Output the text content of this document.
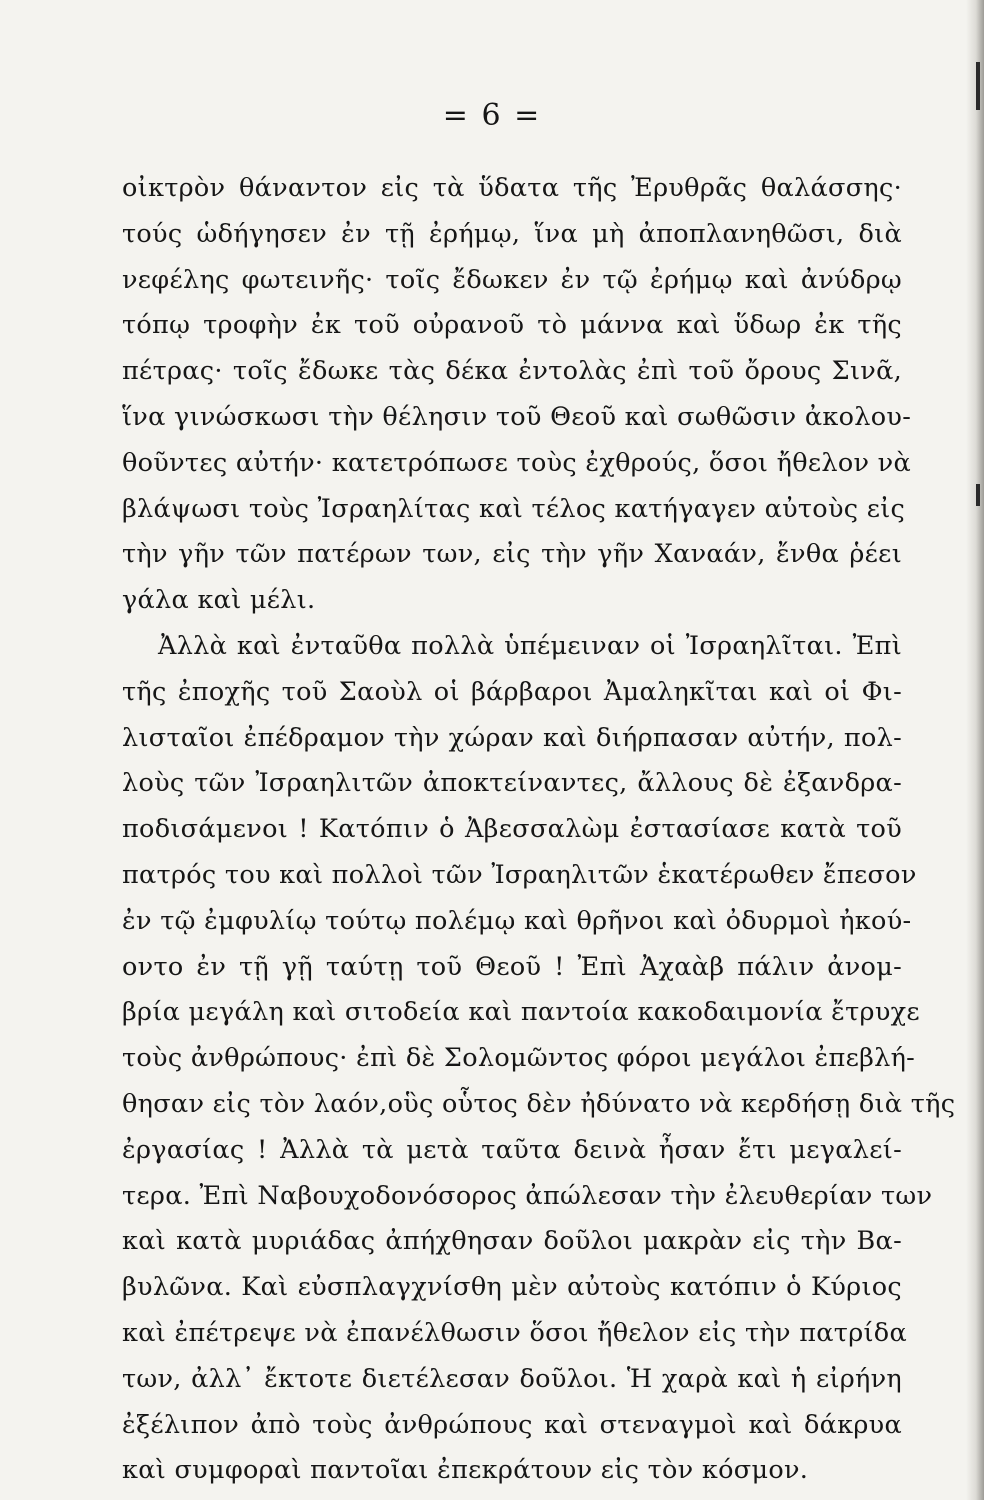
= 6 =
οἰκτρὸν θάναντον εἰς τὰ ὕδατα τῆς Ἐρυθρᾶς θαλάσσης·
τούς ὡδήγησεν ἐν τῇ ἐρήμῳ, ἵνα μὴ ἀποπλανηθῶσι, διὰ
νεφέλης φωτεινῆς· τοῖς ἔδωκεν ἐν τῷ ἐρήμῳ καὶ ἀνύδρῳ
τόπῳ τροφὴν ἐκ τοῦ οὐρανοῦ τὸ μάννα καὶ ὕδωρ ἐκ τῆς
πέτρας· τοῖς ἔδωκε τὰς δέκα ἐντολὰς ἐπὶ τοῦ ὄρους Σινᾶ,
ἵνα γινώσκωσι τὴν θέλησιν τοῦ Θεοῦ καὶ σωθῶσιν ἀκολου-
θοῦντες αὐτήν· κατετρόπωσε τοὺς ἐχθρούς, ὅσοι ἤθελον νὰ
βλάψωσι τοὺς Ἰσραηλίτας καὶ τέλος κατήγαγεν αὐτοὺς εἰς
τὴν γῆν τῶν πατέρων των, εἰς τὴν γῆν Χαναάν, ἔνθα ῥέει
γάλα καὶ μέλι.
Ἀλλὰ καὶ ἐνταῦθα πολλὰ ὑπέμειναν οἱ Ἰσραηλῖται. Ἐπὶ
τῆς ἐποχῆς τοῦ Σαοὺλ οἱ βάρβαροι Ἀμαληκῖται καὶ οἱ Φι-
λισταῖοι ἐπέδραμον τὴν χώραν καὶ διήρπασαν αὐτήν, πολ-
λοὺς τῶν Ἰσραηλιτῶν ἀποκτείναντες, ἄλλους δὲ ἐξανδρα-
ποδισάμενοι ! Κατόπιν ὁ Ἀβεσσαλὼμ ἐστασίασε κατὰ τοῦ
πατρός του καὶ πολλοὶ τῶν Ἰσραηλιτῶν ἑκατέρωθεν ἔπεσον
ἐν τῷ ἐμφυλίῳ τούτῳ πολέμῳ καὶ θρῆνοι καὶ ὀδυρμοὶ ἠκού-
οντο ἐν τῇ γῇ ταύτῃ τοῦ Θεοῦ ! Ἐπὶ Ἀχαὰβ πάλιν ἀνομ-
βρία μεγάλη καὶ σιτοδεία καὶ παντοία κακοδαιμονία ἔτρυχε
τοὺς ἀνθρώπους· ἐπὶ δὲ Σολομῶντος φόροι μεγάλοι ἐπεβλή-
θησαν εἰς τὸν λαόν,οὓς οὗτος δὲν ἠδύνατο νὰ κερδήσῃ διὰ τῆς
ἐργασίας ! Ἀλλὰ τὰ μετὰ ταῦτα δεινὰ ἦσαν ἔτι μεγαλεί-
τερα. Ἐπὶ Ναβουχοδονόσορος ἀπώλεσαν τὴν ἐλευθερίαν των
καὶ κατὰ μυριάδας ἀπήχθησαν δοῦλοι μακρὰν εἰς τὴν Βα-
βυλῶνα. Καὶ εὐσπλαγχνίσθη μὲν αὐτοὺς κατόπιν ὁ Κύριος
καὶ ἐπέτρεψε νὰ ἐπανέλθωσιν ὅσοι ἤθελον εἰς τὴν πατρίδα
των, ἀλλ᾿ ἔκτοτε διετέλεσαν δοῦλοι. Ἡ χαρὰ καὶ ἡ εἰρήνη
ἐξέλιπον ἀπὸ τοὺς ἀνθρώπους καὶ στεναγμοὶ καὶ δάκρυα
καὶ συμφοραὶ παντοῖαι ἐπεκράτουν εἰς τὸν κόσμον.
